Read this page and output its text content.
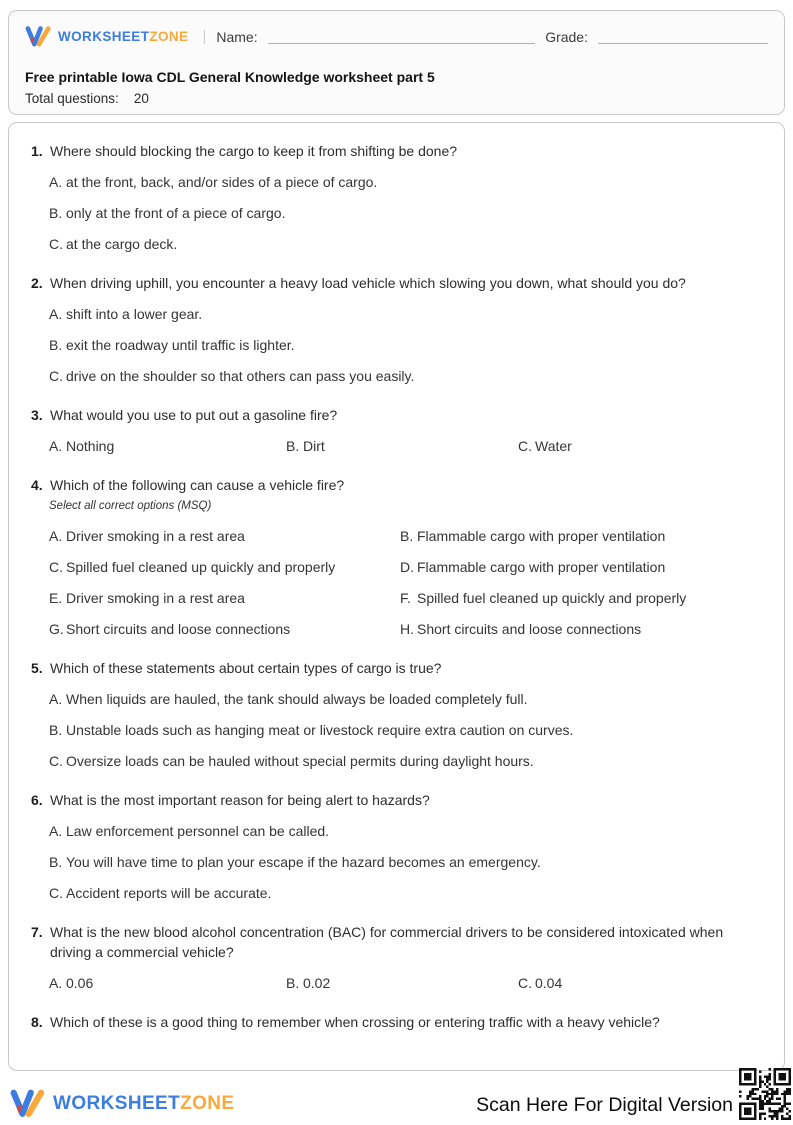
WORKSHEETZONE | Name:	Grade:
Free printable Iowa CDL General Knowledge worksheet part 5
Total questions: 20
1. Where should blocking the cargo to keep it from shifting be done?
A. at the front, back, and/or sides of a piece of cargo.
B. only at the front of a piece of cargo.
C. at the cargo deck.
2. When driving uphill, you encounter a heavy load vehicle which slowing you down, what should you do?
A. shift into a lower gear.
B. exit the roadway until traffic is lighter.
C. drive on the shoulder so that others can pass you easily.
3. What would you use to put out a gasoline fire?
A. Nothing	B. Dirt	C. Water
4. Which of the following can cause a vehicle fire?
Select all correct options (MSQ)
A. Driver smoking in a rest area	B. Flammable cargo with proper ventilation
C. Spilled fuel cleaned up quickly and properly	D. Flammable cargo with proper ventilation
E. Driver smoking in a rest area	F. Spilled fuel cleaned up quickly and properly
G. Short circuits and loose connections	H. Short circuits and loose connections
5. Which of these statements about certain types of cargo is true?
A. When liquids are hauled, the tank should always be loaded completely full.
B. Unstable loads such as hanging meat or livestock require extra caution on curves.
C. Oversize loads can be hauled without special permits during daylight hours.
6. What is the most important reason for being alert to hazards?
A. Law enforcement personnel can be called.
B. You will have time to plan your escape if the hazard becomes an emergency.
C. Accident reports will be accurate.
7. What is the new blood alcohol concentration (BAC) for commercial drivers to be considered intoxicated when driving a commercial vehicle?
A. 0.06	B. 0.02	C. 0.04
8. Which of these is a good thing to remember when crossing or entering traffic with a heavy vehicle?
WORKSHEETZONE	Scan Here For Digital Version
